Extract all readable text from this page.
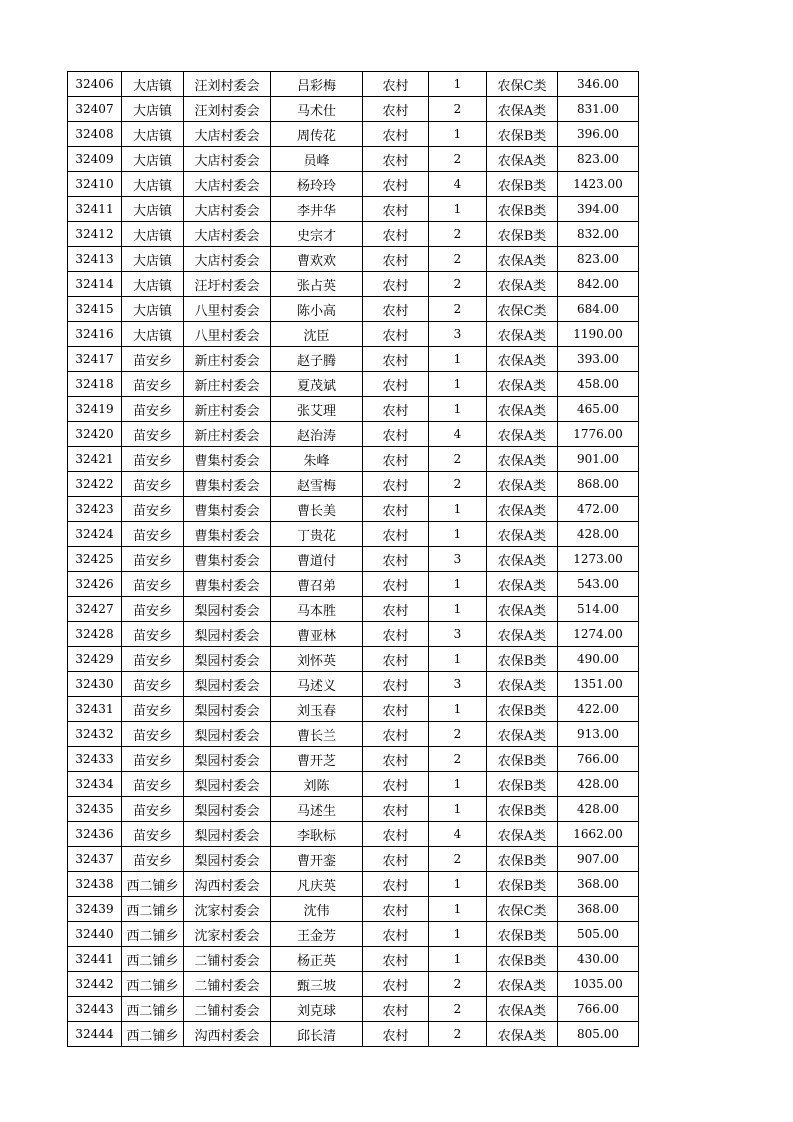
32406	大店镇	汪刘村委会	吕彩梅	农村	1	农保C类	346.00
32407	大店镇	汪刘村委会	马术仕	农村	2	农保A类	831.00
32408	大店镇	大店村委会	周传花	农村	1	农保B类	396.00
32409	大店镇	大店村委会	员峰	农村	2	农保A类	823.00
32410	大店镇	大店村委会	杨玲玲	农村	4	农保B类	1423.00
32411	大店镇	大店村委会	李井华	农村	1	农保B类	394.00
32412	大店镇	大店村委会	史宗才	农村	2	农保B类	832.00
32413	大店镇	大店村委会	曹欢欢	农村	2	农保A类	823.00
32414	大店镇	汪圩村委会	张占英	农村	2	农保A类	842.00
32415	大店镇	八里村委会	陈小高	农村	2	农保C类	684.00
32416	大店镇	八里村委会	沈臣	农村	3	农保A类	1190.00
32417	苗安乡	新庄村委会	赵子腾	农村	1	农保A类	393.00
32418	苗安乡	新庄村委会	夏茂斌	农村	1	农保A类	458.00
32419	苗安乡	新庄村委会	张艾理	农村	1	农保A类	465.00
32420	苗安乡	新庄村委会	赵治涛	农村	4	农保A类	1776.00
32421	苗安乡	曹集村委会	朱峰	农村	2	农保A类	901.00
32422	苗安乡	曹集村委会	赵雪梅	农村	2	农保A类	868.00
32423	苗安乡	曹集村委会	曹长美	农村	1	农保A类	472.00
32424	苗安乡	曹集村委会	丁贵花	农村	1	农保A类	428.00
32425	苗安乡	曹集村委会	曹道付	农村	3	农保A类	1273.00
32426	苗安乡	曹集村委会	曹召弟	农村	1	农保A类	543.00
32427	苗安乡	梨园村委会	马本胜	农村	1	农保A类	514.00
32428	苗安乡	梨园村委会	曹亚林	农村	3	农保A类	1274.00
32429	苗安乡	梨园村委会	刘怀英	农村	1	农保B类	490.00
32430	苗安乡	梨园村委会	马述义	农村	3	农保A类	1351.00
32431	苗安乡	梨园村委会	刘玉春	农村	1	农保B类	422.00
32432	苗安乡	梨园村委会	曹长兰	农村	2	农保A类	913.00
32433	苗安乡	梨园村委会	曹开芝	农村	2	农保B类	766.00
32434	苗安乡	梨园村委会	刘陈	农村	1	农保B类	428.00
32435	苗安乡	梨园村委会	马述生	农村	1	农保B类	428.00
32436	苗安乡	梨园村委会	李耿标	农村	4	农保A类	1662.00
32437	苗安乡	梨园村委会	曹开銮	农村	2	农保B类	907.00
32438	西二铺乡	沟西村委会	凡庆英	农村	1	农保B类	368.00
32439	西二铺乡	沈家村委会	沈伟	农村	1	农保C类	368.00
32440	西二铺乡	沈家村委会	王金芳	农村	1	农保B类	505.00
32441	西二铺乡	二铺村委会	杨正英	农村	1	农保B类	430.00
32442	西二铺乡	二铺村委会	甄三坡	农村	2	农保A类	1035.00
32443	西二铺乡	二铺村委会	刘克球	农村	2	农保A类	766.00
32444	西二铺乡	沟西村委会	邱长清	农村	2	农保A类	805.00
